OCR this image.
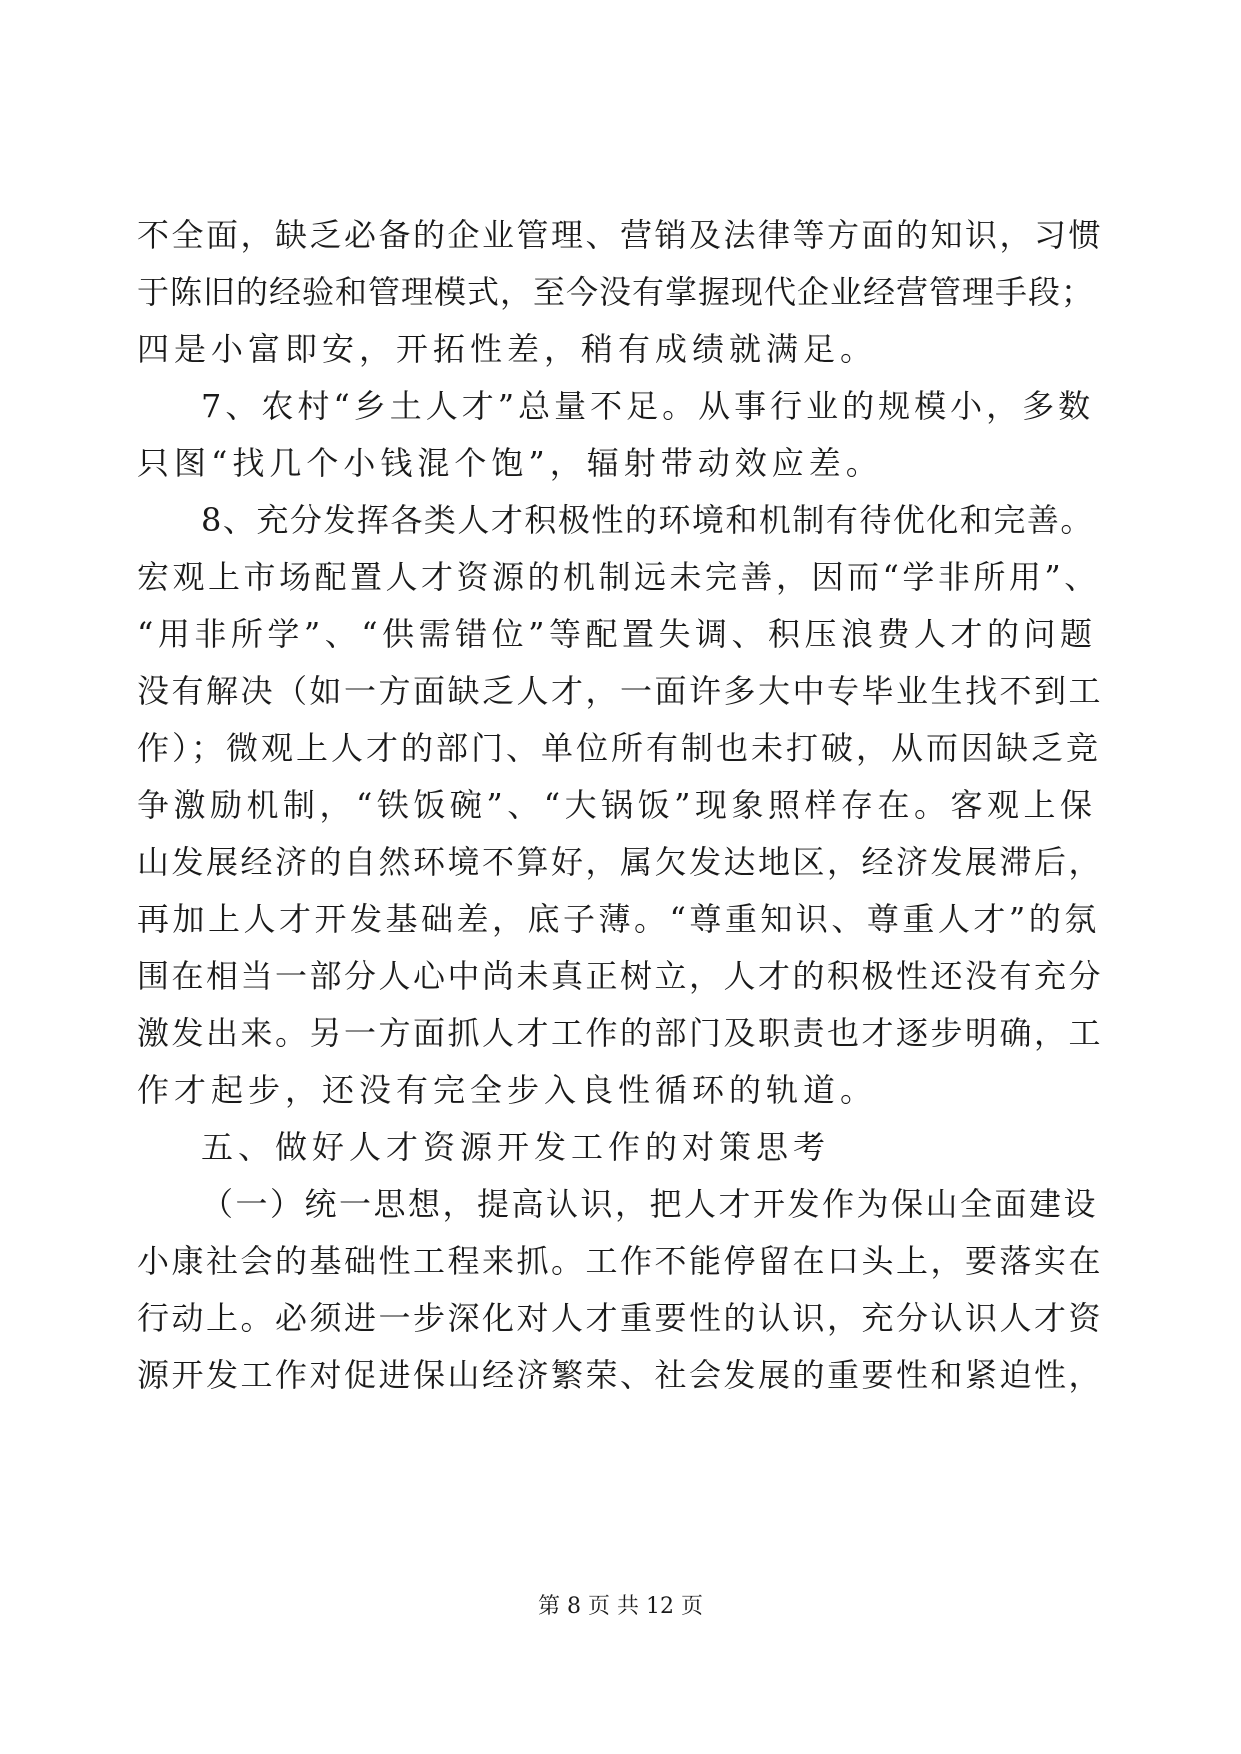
不全面，缺乏必备的企业管理、营销及法律等方面的知识，习惯
于陈旧的经验和管理模式，至今没有掌握现代企业经营管理手段；
四是小富即安，开拓性差，稍有成绩就满足。
7、农村“乡土人才”总量不足。从事行业的规模小，多数
只图“找几个小钱混个饱”，辐射带动效应差。
8、充分发挥各类人才积极性的环境和机制有待优化和完善。
宏观上市场配置人才资源的机制远未完善，因而“学非所用”、
“用非所学”、“供需错位”等配置失调、积压浪费人才的问题
没有解决（如一方面缺乏人才，一面许多大中专毕业生找不到工
作）；微观上人才的部门、单位所有制也未打破，从而因缺乏竞
争激励机制，“铁饭碗”、“大锅饭”现象照样存在。客观上保
山发展经济的自然环境不算好，属欠发达地区，经济发展滞后，
再加上人才开发基础差，底子薄。“尊重知识、尊重人才”的氛
围在相当一部分人心中尚未真正树立，人才的积极性还没有充分
激发出来。另一方面抓人才工作的部门及职责也才逐步明确，工
作才起步，还没有完全步入良性循环的轨道。
五、做好人才资源开发工作的对策思考
（一）统一思想，提高认识，把人才开发作为保山全面建设
小康社会的基础性工程来抓。工作不能停留在口头上，要落实在
行动上。必须进一步深化对人才重要性的认识，充分认识人才资
源开发工作对促进保山经济繁荣、社会发展的重要性和紧迫性，
第 8 页 共 12 页
